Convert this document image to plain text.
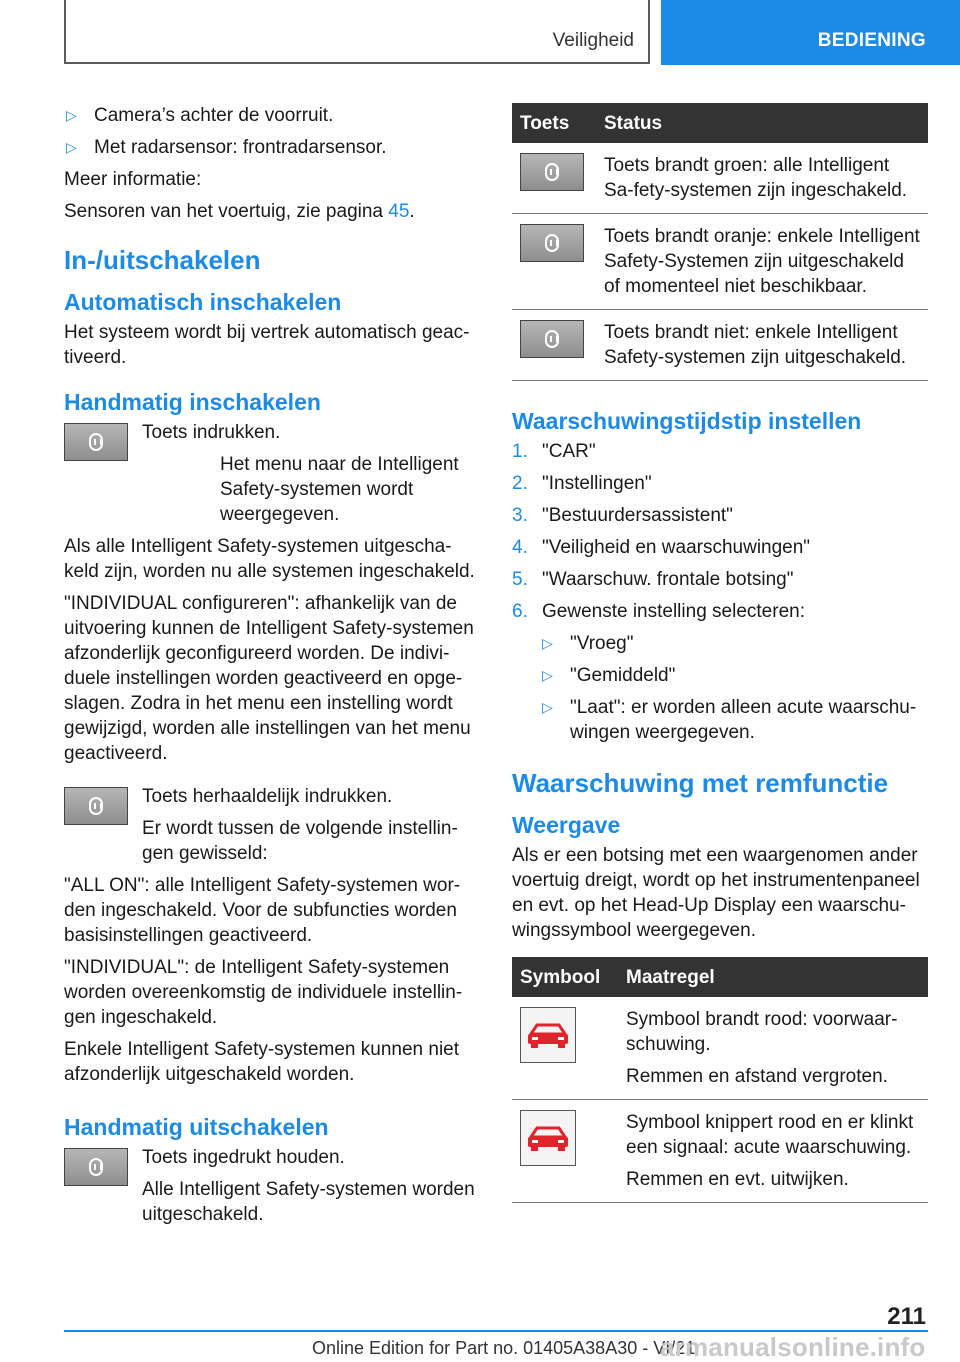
Veiligheid	BEDIENING
▷ Camera’s achter de voorruit.
▷ Met radarsensor: frontradarsensor.

Meer informatie:

Sensoren van het voertuig, zie pagina 45.

In-/uitschakelen
Automatisch inschakelen

Het systeem wordt bij vertrek automatisch geac-tiveerd.

Handmatig inschakelen

Toets indrukken.

Het menu naar de Intelligent Safety-systemen wordt weergegeven.

Als alle Intelligent Safety-systemen uitgescha-keld zijn, worden nu alle systemen ingeschakeld.

"INDIVIDUAL configureren": afhankelijk van de uitvoering kunnen de Intelligent Safety-systemen afzonderlijk geconfigureerd worden. De indivi-duele instellingen worden geactiveerd en opge-slagen. Zodra in het menu een instelling wordt gewijzigd, worden alle instellingen van het menu geactiveerd.

Toets herhaaldelijk indrukken.

Er wordt tussen de volgende instellin-gen gewisseld:

"ALL ON": alle Intelligent Safety-systemen wor-den ingeschakeld. Voor de subfuncties worden basisinstellingen geactiveerd.

"INDIVIDUAL": de Intelligent Safety-systemen worden overeenkomstig de individuele instellin-gen ingeschakeld.

Enkele Intelligent Safety-systemen kunnen niet afzonderlijk uitgeschakeld worden.

Handmatig uitschakelen

Toets ingedrukt houden.

Alle Intelligent Safety-systemen worden uitgeschakeld.

Toets	Status

	Toets brandt groen: alle Intelligent Sa-fety-systemen zijn ingeschakeld.

	Toets brandt oranje: enkele Intelligent Safety-Systemen zijn uitgeschakeld of momenteel niet beschikbaar.

	Toets brandt niet: enkele Intelligent Safety-systemen zijn uitgeschakeld.
Waarschuwingstijdstip instellen
1. "CAR"
2. "Instellingen"
3. "Bestuurdersassistent"
4. "Veiligheid en waarschuwingen"
5. "Waarschuw. frontale botsing"
6. Gewenste instelling selecteren:
▷ "Vroeg"
▷ "Gemiddeld"
▷ "Laat": er worden alleen acute waarschu-wingen weergegeven.
Waarschuwing met remfunctie
Weergave

Als er een botsing met een waargenomen ander voertuig dreigt, wordt op het instrumentenpaneel en evt. op het Head-Up Display een waarschu-wingssymbool weergegeven.

Symbool	Maatregel

Symbool brandt rood: voorwaar-schuwing.

Remmen en afstand vergroten.

Symbool knippert rood en er klinkt een signaal: acute waarschuwing.

Remmen en evt. uitwijken.

211
Online Edition for Part no. 01405A38A30 - VI/21
armanualsonline.info
